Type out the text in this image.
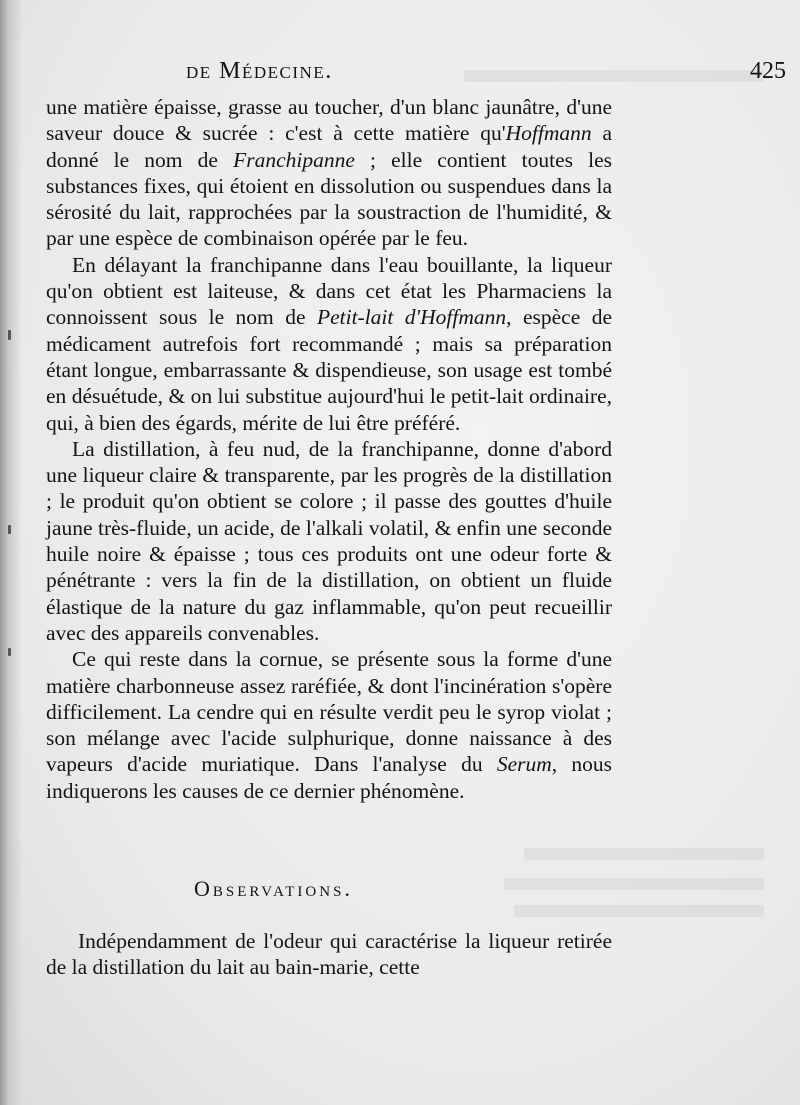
de Médecine.	425

une matière épaisse, grasse au toucher, d'un blanc jaunâtre, d'une saveur douce & sucrée : c'est à cette matière qu'Hoffmann a donné le nom de Franchipanne ; elle contient toutes les substances fixes, qui étoient en dissolution ou suspendues dans la sérosité du lait, rapprochées par la soustraction de l'humidité, & par une espèce de combinaison opérée par le feu.

En délayant la franchipanne dans l'eau bouillante, la liqueur qu'on obtient est laiteuse, & dans cet état les Pharmaciens la connoissent sous le nom de Petit-lait d'Hoffmann, espèce de médicament autrefois fort recommandé ; mais sa préparation étant longue, embarrassante & dispendieuse, son usage est tombé en désuétude, & on lui substitue aujourd'hui le petit-lait ordinaire, qui, à bien des égards, mérite de lui être préféré.

La distillation, à feu nud, de la franchipanne, donne d'abord une liqueur claire & transparente, par les progrès de la distillation ; le produit qu'on obtient se colore ; il passe des gouttes d'huile jaune très-fluide, un acide, de l'alkali volatil, & enfin une seconde huile noire & épaisse ; tous ces produits ont une odeur forte & pénétrante : vers la fin de la distillation, on obtient un fluide élastique de la nature du gaz inflammable, qu'on peut recueillir avec des appareils convenables.

Ce qui reste dans la cornue, se présente sous la forme d'une matière charbonneuse assez raréfiée, & dont l'incinération s'opère difficilement. La cendre qui en résulte verdit peu le syrop violat ; son mélange avec l'acide sulphurique, donne naissance à des vapeurs d'acide muriatique. Dans l'analyse du Serum, nous indiquerons les causes de ce dernier phénomène.

Observations.

Indépendamment de l'odeur qui caractérise la liqueur retirée de la distillation du lait au bain-marie, cette
